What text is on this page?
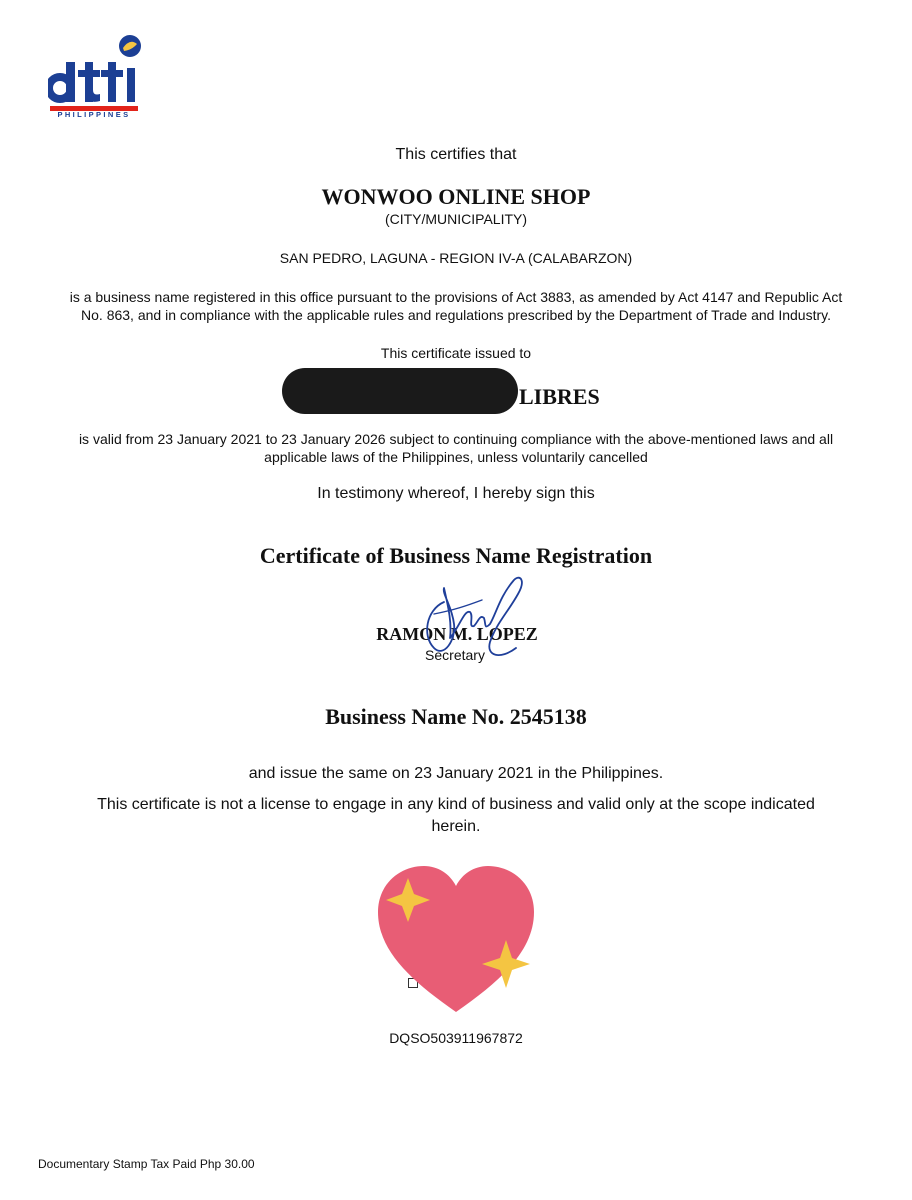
PHILIPPINES
This certifies that
WONWOO ONLINE SHOP
(CITY/MUNICIPALITY)
SAN PEDRO, LAGUNA - REGION IV-A (CALABARZON)
is a business name registered in this office pursuant to the provisions of Act 3883, as amended by Act 4147 and Republic Act No. 863, and in compliance with the applicable rules and regulations prescribed by the Department of Trade and Industry.
This certificate issued to
LIBRES
is valid from 23 January 2021 to 23 January 2026 subject to continuing compliance with the above-mentioned laws and all applicable laws of the Philippines, unless voluntarily cancelled
In testimony whereof, I hereby sign this
Certificate of Business Name Registration
RAMON M. LOPEZ
Secretary
Business Name No. 2545138
and issue the same on 23 January 2021 in the Philippines.
This certificate is not a license to engage in any kind of business and valid only at the scope indicated herein.
DQSO503911967872
Documentary Stamp Tax Paid Php 30.00
